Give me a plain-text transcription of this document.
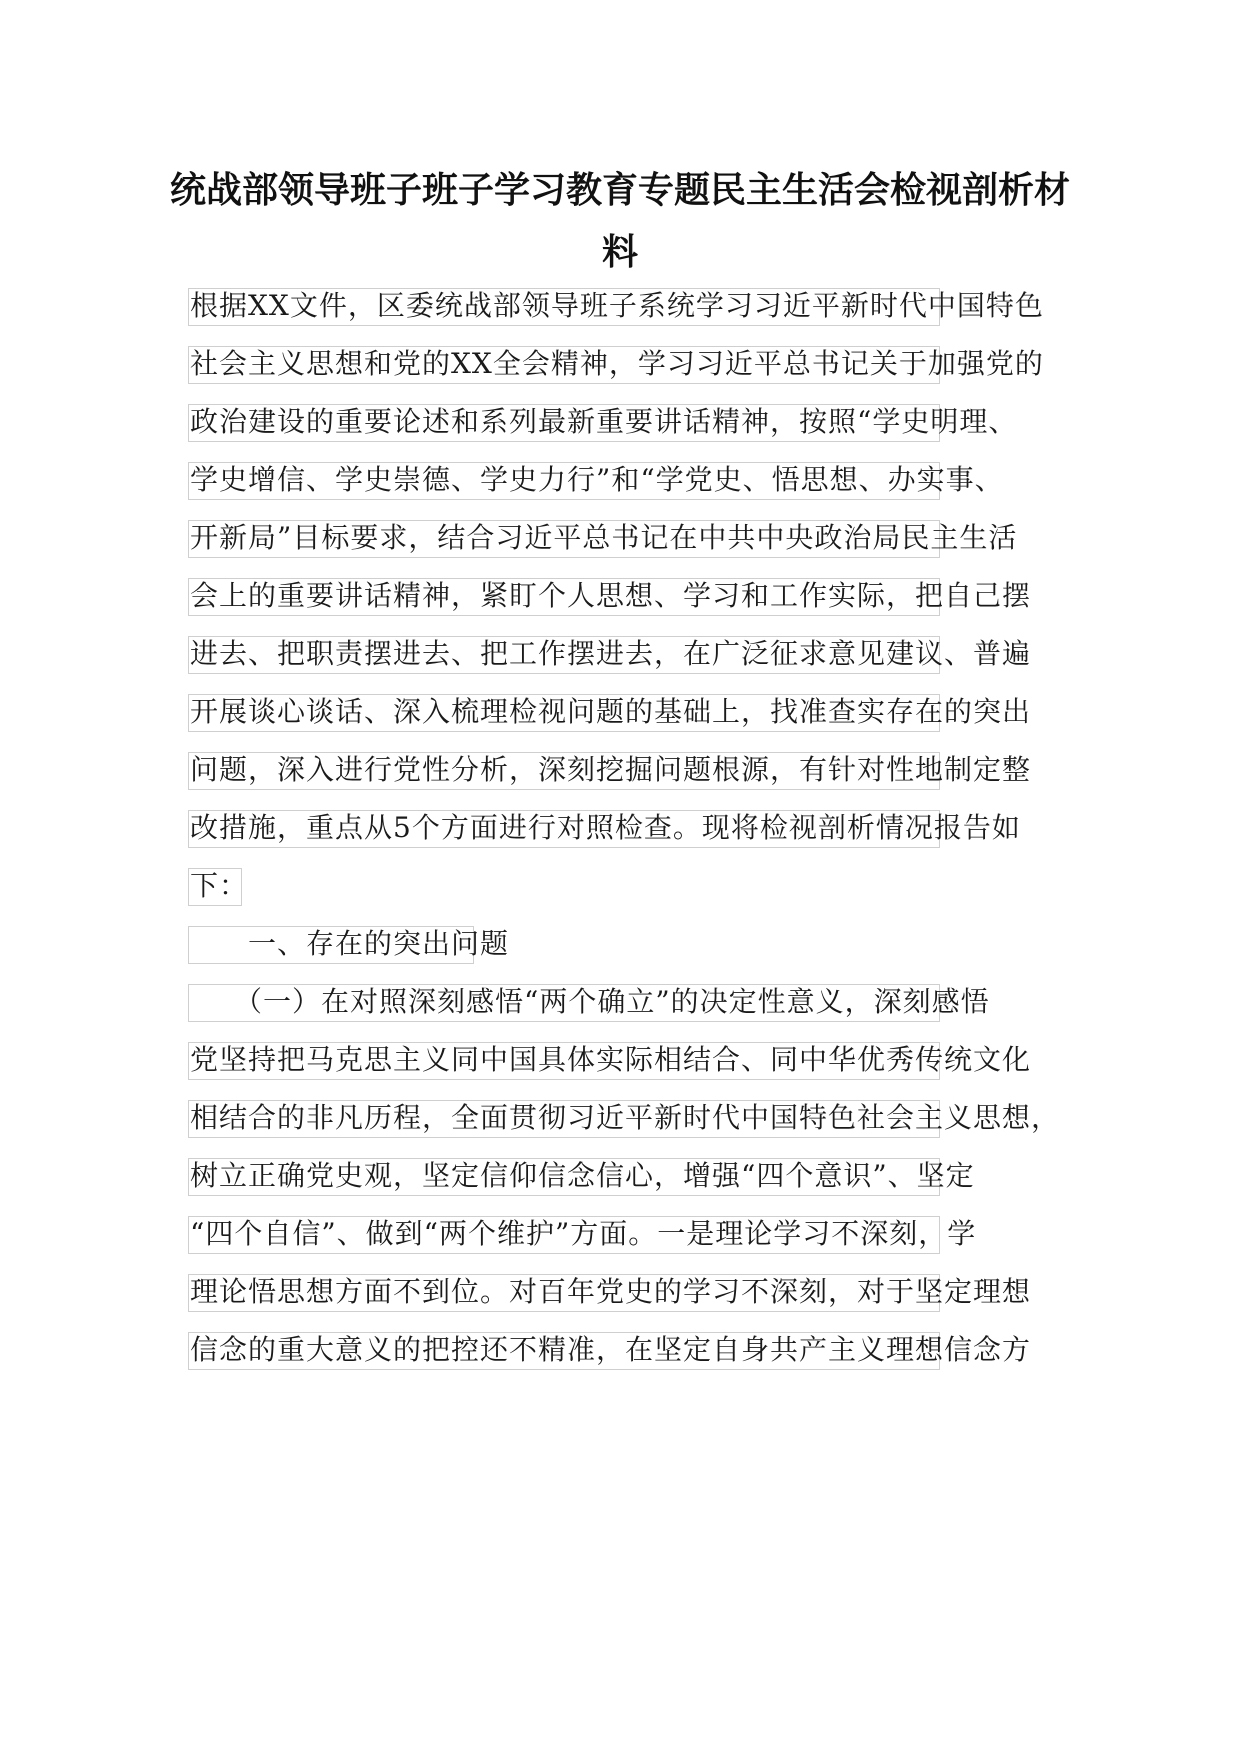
统战部领导班子班子学习教育专题民主生活会检视剖析材
料
根据XX文件，区委统战部领导班子系统学习习近平新时代中国特色
社会主义思想和党的XX全会精神，学习习近平总书记关于加强党的
政治建设的重要论述和系列最新重要讲话精神，按照“学史明理、
学史增信、学史崇德、学史力行”和“学党史、悟思想、办实事、
开新局”目标要求，结合习近平总书记在中共中央政治局民主生活
会上的重要讲话精神，紧盯个人思想、学习和工作实际，把自己摆
进去、把职责摆进去、把工作摆进去，在广泛征求意见建议、普遍
开展谈心谈话、深入梳理检视问题的基础上，找准查实存在的突出
问题，深入进行党性分析，深刻挖掘问题根源，有针对性地制定整
改措施，重点从5个方面进行对照检查。现将检视剖析情况报告如
下：
　　一、存在的突出问题
　　（一）在对照深刻感悟“两个确立”的决定性意义，深刻感悟
党坚持把马克思主义同中国具体实际相结合、同中华优秀传统文化
相结合的非凡历程，全面贯彻习近平新时代中国特色社会主义思想，
树立正确党史观，坚定信仰信念信心，增强“四个意识”、坚定
“四个自信”、做到“两个维护”方面。一是理论学习不深刻，学
理论悟思想方面不到位。对百年党史的学习不深刻，对于坚定理想
信念的重大意义的把控还不精准，在坚定自身共产主义理想信念方
